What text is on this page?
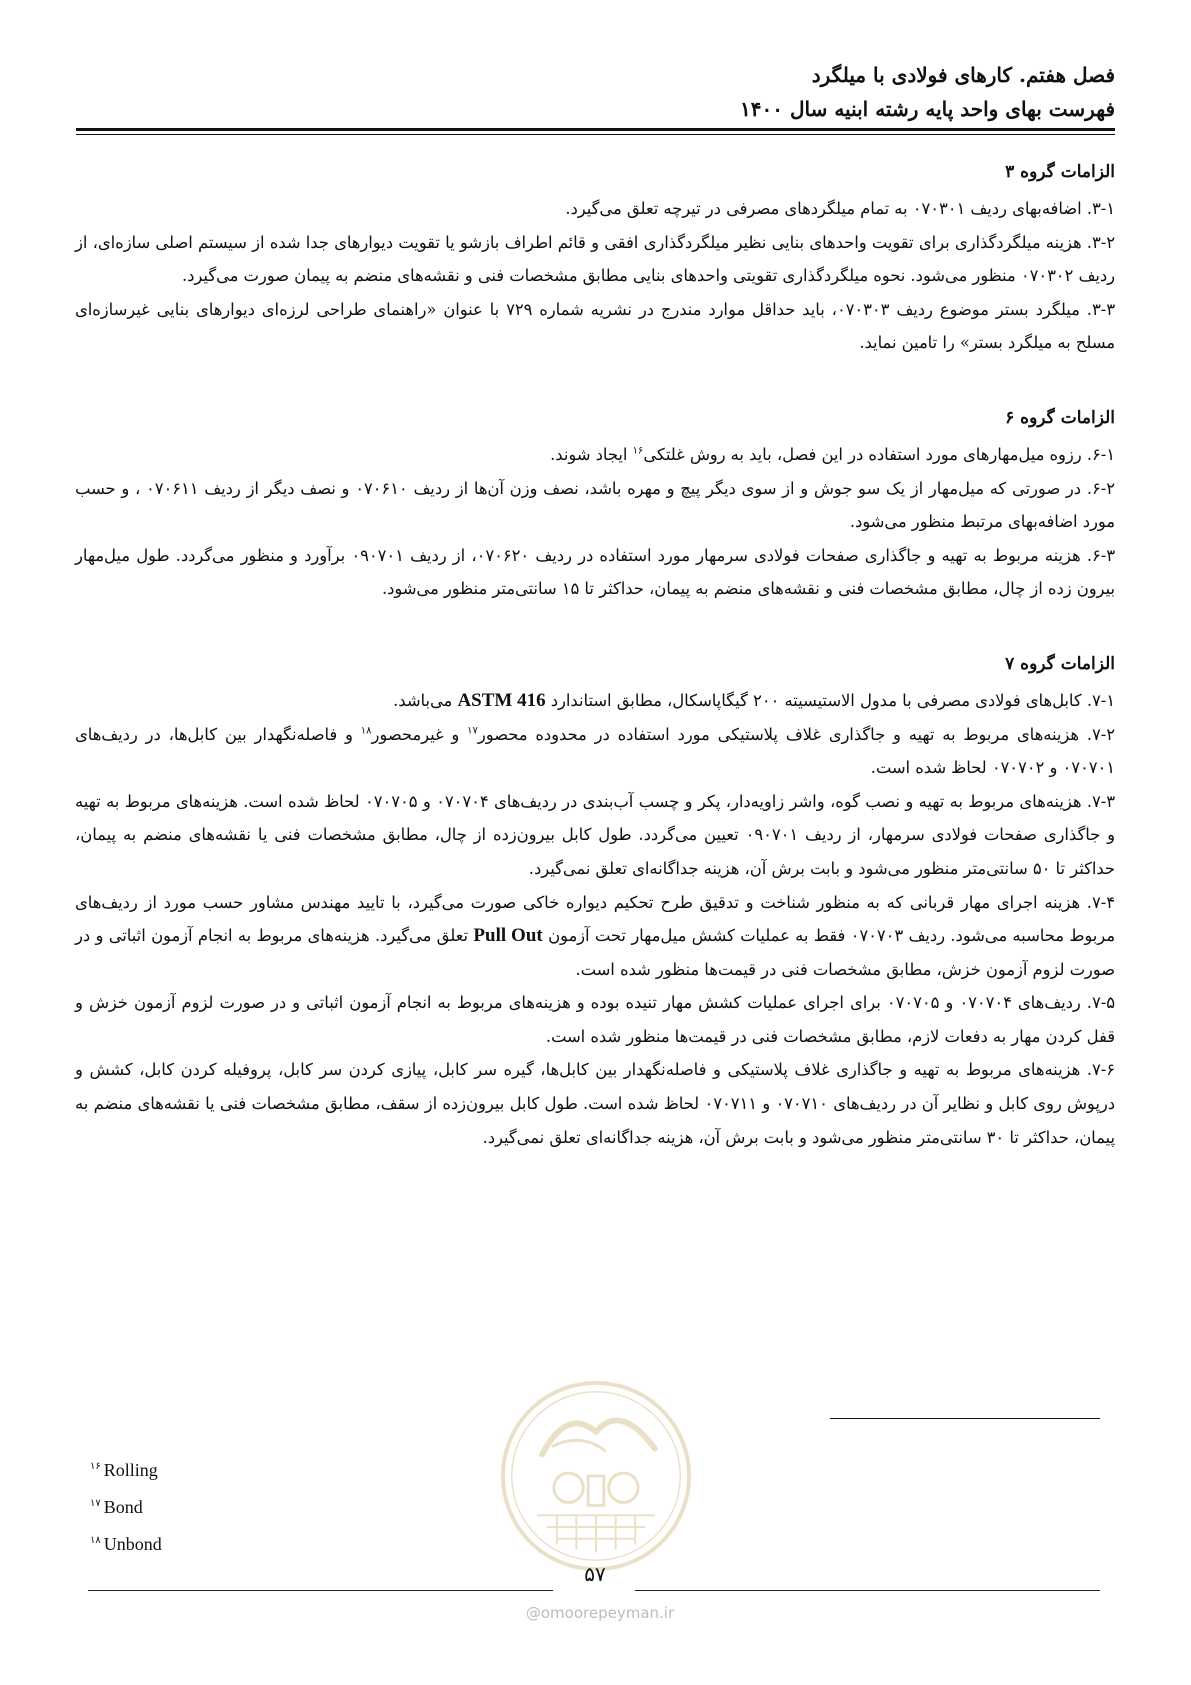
فصل هفتم. کارهای فولادی با میلگرد
فهرست بهای واحد پایه رشته ابنیه سال ۱۴۰۰
الزامات گروه ۳

۳-۱. اضافه‌بهای ردیف ۰۷۰۳۰۱ به تمام میلگردهای مصرفی در تیرچه تعلق می‌گیرد.

۳-۲. هزینه میلگردگذاری برای تقویت واحدهای بنایی نظیر میلگردگذاری افقی و قائم اطراف بازشو یا تقویت دیوارهای جدا شده از سیستم اصلی سازه‌ای، از ردیف ۰۷۰۳۰۲ منظور می‌شود. نحوه میلگردگذاری تقویتی واحدهای بنایی مطابق مشخصات فنی و نقشه‌های منضم به پیمان صورت می‌گیرد.

۳-۳. میلگرد بستر موضوع ردیف ۰۷۰۳۰۳، باید حداقل موارد مندرج در نشریه شماره ۷۲۹ با عنوان «راهنمای طراحی لرزه‌ای دیوارهای بنایی غیرسازه‌ای مسلح به میلگرد بستر» را تامین نماید.

الزامات گروه ۶

۶-۱. رزوه میل‌مهارهای مورد استفاده در این فصل، باید به روش غلتکی$^{۱۶}$ ایجاد شوند.

۶-۲. در صورتی که میل‌مهار از یک سو جوش و از سوی دیگر پیچ و مهره باشد، نصف وزن آن‌ها از ردیف ۰۷۰۶۱۰ و نصف دیگر از ردیف ۰۷۰۶۱۱ ، و حسب مورد اضافه‌بهای مرتبط منظور می‌شود.

۶-۳. هزینه مربوط به تهیه و جاگذاری صفحات فولادی سرمهار مورد استفاده در ردیف ۰۷۰۶۲۰، از ردیف ۰۹۰۷۰۱ برآورد و منظور می‌گردد. طول میل‌مهار بیرون زده از چال، مطابق مشخصات فنی و نقشه‌های منضم به پیمان، حداکثر تا ۱۵ سانتی‌متر منظور می‌شود.

الزامات گروه ۷

۷-۱. کابل‌های فولادی مصرفی با مدول الاستیسیته ۲۰۰ گیگاپاسکال، مطابق استاندارد ASTM 416 می‌باشد.

۷-۲. هزینه‌های مربوط به تهیه و جاگذاری غلاف پلاستیکی مورد استفاده در محدوده محصور$^{۱۷}$ و غیرمحصور$^{۱۸}$ و فاصله‌نگهدار بین کابل‌ها، در ردیف‌های ۰۷۰۷۰۱ و ۰۷۰۷۰۲ لحاظ شده است.

۷-۳. هزینه‌های مربوط به تهیه و نصب گوه، واشر زاویه‌دار، پکر و چسب آب‌بندی در ردیف‌های ۰۷۰۷۰۴ و ۰۷۰۷۰۵ لحاظ شده است. هزینه‌های مربوط به تهیه و جاگذاری صفحات فولادی سرمهار، از ردیف ۰۹۰۷۰۱ تعیین می‌گردد. طول کابل بیرون‌زده از چال، مطابق مشخصات فنی یا نقشه‌های منضم به پیمان، حداکثر تا ۵۰ سانتی‌متر منظور می‌شود و بابت برش آن، هزینه جداگانه‌ای تعلق نمی‌گیرد.

۷-۴. هزینه اجرای مهار قربانی که به منظور شناخت و تدقیق طرح تحکیم دیواره خاکی صورت می‌گیرد، با تایید مهندس مشاور حسب مورد از ردیف‌های مربوط محاسبه می‌شود. ردیف ۰۷۰۷۰۳ فقط به عملیات کشش میل‌مهار تحت آزمون Pull Out تعلق می‌گیرد. هزینه‌های مربوط به انجام آزمون اثباتی و در صورت لزوم آزمون خزش، مطابق مشخصات فنی در قیمت‌ها منظور شده است.

۷-۵. ردیف‌های ۰۷۰۷۰۴ و ۰۷۰۷۰۵ برای اجرای عملیات کشش مهار تنیده بوده و هزینه‌های مربوط به انجام آزمون اثباتی و در صورت لزوم آزمون خزش و قفل کردن مهار به دفعات لازم، مطابق مشخصات فنی در قیمت‌ها منظور شده است.

۷-۶. هزینه‌های مربوط به تهیه و جاگذاری غلاف پلاستیکی و فاصله‌نگهدار بین کابل‌ها، گیره سر کابل، پیازی کردن سر کابل، پروفیله کردن کابل، کشش و درپوش روی کابل و نظایر آن در ردیف‌های ۰۷۰۷۱۰ و ۰۷۰۷۱۱ لحاظ شده است. طول کابل بیرون‌زده از سقف، مطابق مشخصات فنی یا نقشه‌های منضم به پیمان، حداکثر تا ۳۰ سانتی‌متر منظور می‌شود و بابت برش آن، هزینه جداگانه‌ای تعلق نمی‌گیرد.

$^{۱۶}$ Rolling
$^{۱۷}$ Bond
$^{۱۸}$ Unbond
۵۷
@omoorepeyman.ir
